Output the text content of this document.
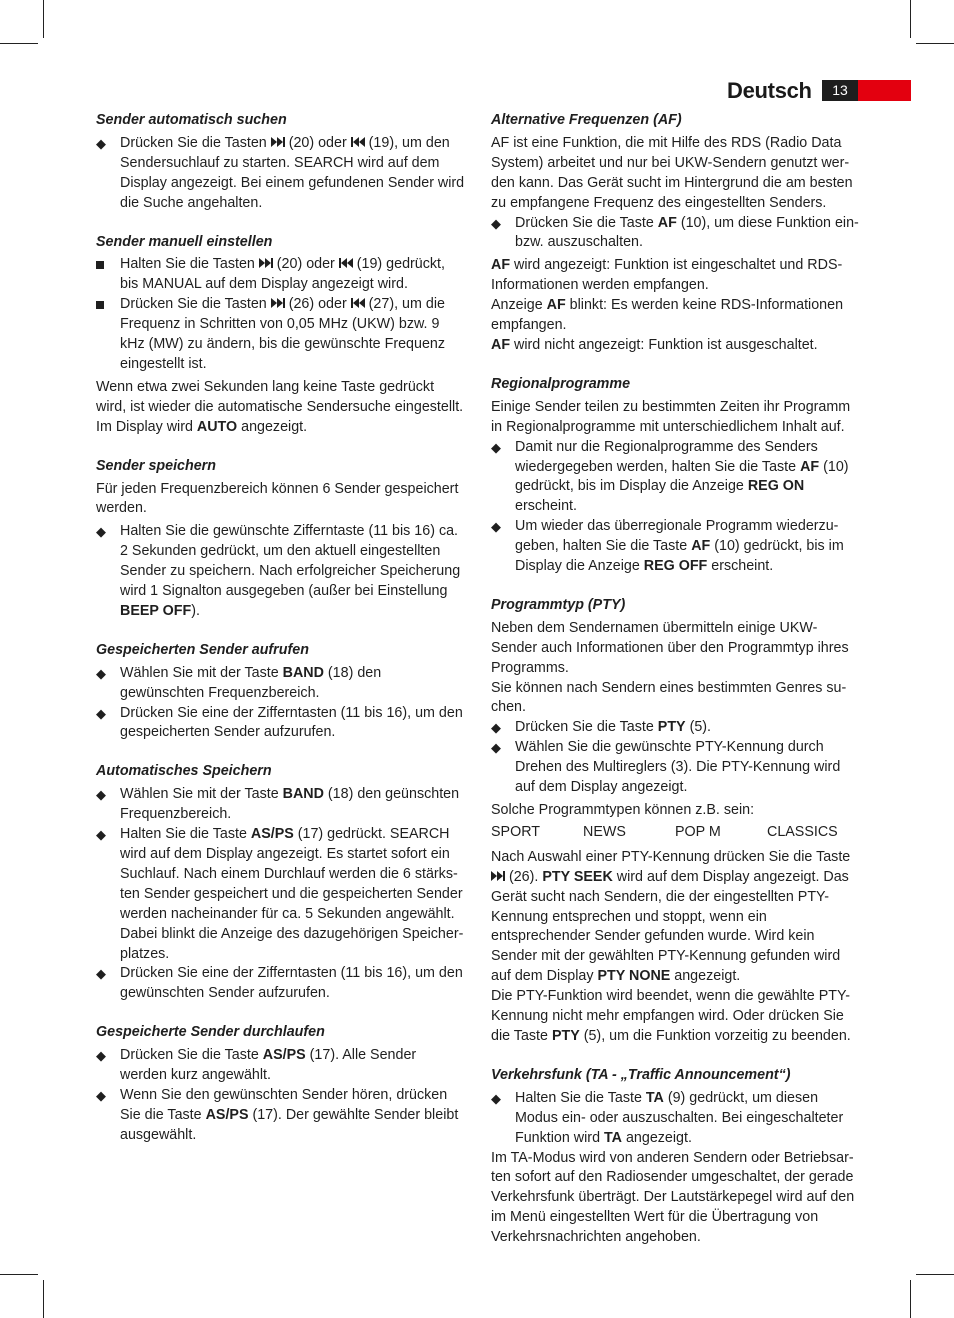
Deutsch	13
Sender automatisch suchen
◆ Drücken Sie die Tasten  (20) oder  (19), um den Sendersuchlauf zu starten. SEARCH wird auf dem Display angezeigt. Bei einem gefundenen Sender wird die Suche angehalten.
Sender manuell einstellen
Halten Sie die Tasten  (20) oder  (19) gedrückt, bis MANUAL auf dem Display angezeigt wird.
Drücken Sie die Tasten  (26) oder  (27), um die Frequenz in Schritten von 0,05 MHz (UKW) bzw. 9 kHz (MW) zu ändern, bis die gewünschte Frequenz eingestellt ist.

Wenn etwa zwei Sekunden lang keine Taste gedrückt wird, ist wieder die automatische Sendersuche eingestellt. Im Display wird AUTO angezeigt.

Sender speichern

Für jeden Frequenzbereich können 6 Sender gespeichert werden.

◆ Halten Sie die gewünschte Zifferntaste (11 bis 16) ca. 2 Sekunden gedrückt, um den aktuell eingestellten Sender zu speichern. Nach erfolgreicher Speicherung wird 1 Signalton ausgegeben (außer bei Einstellung BEEP OFF).
Gespeicherten Sender aufrufen
◆ Wählen Sie mit der Taste BAND (18) den gewünschten Frequenzbereich.
◆ Drücken Sie eine der Zifferntasten (11 bis 16), um den gespeicherten Sender aufzurufen.
Automatisches Speichern
◆ Wählen Sie mit der Taste BAND (18) den geünschten Frequenzbereich.
◆ Halten Sie die Taste AS/PS (17) gedrückt. SEARCH wird auf dem Display angezeigt. Es startet sofort ein Suchlauf. Nach einem Durchlauf werden die 6 stärks-ten Sender gespeichert und die gespeicherten Sender werden nacheinander für ca. 5 Sekunden angewählt. Dabei blinkt die Anzeige des dazugehörigen Speicher-platzes.
◆ Drücken Sie eine der Zifferntasten (11 bis 16), um den gewünschten Sender aufzurufen.
Gespeicherte Sender durchlaufen
◆ Drücken Sie die Taste AS/PS (17). Alle Sender werden kurz angewählt.
◆ Wenn Sie den gewünschten Sender hören, drücken Sie die Taste AS/PS (17). Der gewählte Sender bleibt ausgewählt.
Alternative Frequenzen (AF)

AF ist eine Funktion, die mit Hilfe des RDS (Radio Data System) arbeitet und nur bei UKW-Sendern genutzt wer-den kann. Das Gerät sucht im Hintergrund die am besten zu empfangene Frequenz des eingestellten Senders.

◆ Drücken Sie die Taste AF (10), um diese Funktion ein- bzw. auszuschalten.

AF wird angezeigt: Funktion ist eingeschaltet und RDS-Informationen werden empfangen.

Anzeige AF blinkt: Es werden keine RDS-Informationen empfangen.

AF wird nicht angezeigt: Funktion ist ausgeschaltet.

Regionalprogramme

Einige Sender teilen zu bestimmten Zeiten ihr Programm in Regionalprogramme mit unterschiedlichem Inhalt auf.

◆ Damit nur die Regionalprogramme des Senders wiedergegeben werden, halten Sie die Taste AF (10) gedrückt, bis im Display die Anzeige REG ON erscheint.
◆ Um wieder das überregionale Programm wiederzu-geben, halten Sie die Taste AF (10) gedrückt, bis im Display die Anzeige REG OFF erscheint.
Programmtyp (PTY)

Neben dem Sendernamen übermitteln einige UKW-Sender auch Informationen über den Programmtyp ihres Programms.

Sie können nach Sendern eines bestimmten Genres su-chen.

◆ Drücken Sie die Taste PTY (5).
◆ Wählen Sie die gewünschte PTY-Kennung durch Drehen des Multireglers (3). Die PTY-Kennung wird auf dem Display angezeigt.

Solche Programmtypen können z.B. sein:

SPORT	NEWS	POP M	CLASSICS

Nach Auswahl einer PTY-Kennung drücken Sie die Taste  (26). PTY SEEK wird auf dem Display angezeigt. Das Gerät sucht nach Sendern, die der eingestellten PTY-Kennung entsprechen und stoppt, wenn ein entsprechender Sender gefunden wurde. Wird kein Sender mit der gewählten PTY-Kennung gefunden wird auf dem Display PTY NONE angezeigt.

Die PTY-Funktion wird beendet, wenn die gewählte PTY-Kennung nicht mehr empfangen wird. Oder drücken Sie die Taste PTY (5), um die Funktion vorzeitig zu beenden.

Verkehrsfunk (TA - „Traffic Announcement“)
◆ Halten Sie die Taste TA (9) gedrückt, um diesen Modus ein- oder auszuschalten. Bei eingeschalteter Funktion wird TA angezeigt.

Im TA-Modus wird von anderen Sendern oder Betriebsar-ten sofort auf den Radiosender umgeschaltet, der gerade Verkehrsfunk überträgt. Der Lautstärkepegel wird auf den im Menü eingestellten Wert für die Übertragung von Verkehrsnachrichten angehoben.
